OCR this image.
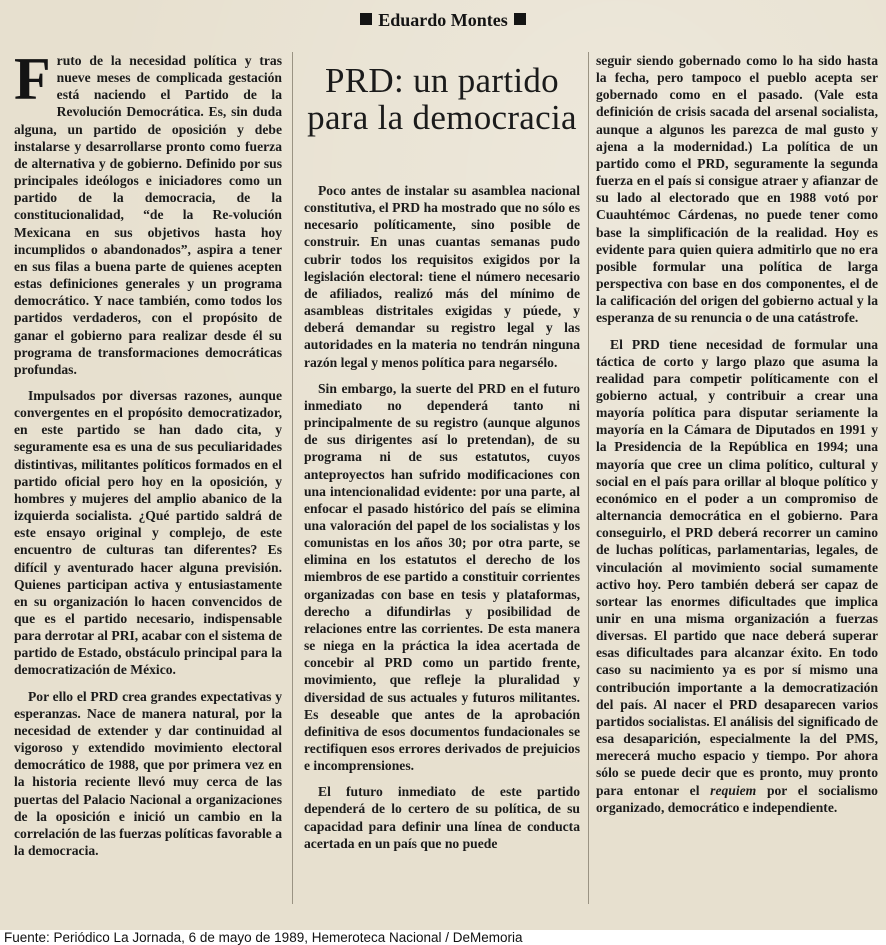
Eduardo Montes

Fruto de la necesidad política y tras nueve meses de complicada gestación está naciendo el Partido de la Revolución Democrática. Es, sin duda alguna, un partido de oposición y debe instalarse y desarrollarse pronto como fuerza de alternativa y de gobierno. Definido por sus principales ideólogos e iniciadores como un partido de la democracia, de la constitucionalidad, “de la Re-volución Mexicana en sus objetivos hasta hoy incumplidos o abandonados”, aspira a tener en sus filas a buena parte de quienes acepten estas definiciones generales y un programa democrático. Y nace también, como todos los partidos verdaderos, con el propósito de ganar el gobierno para realizar desde él su programa de transformaciones democráticas profundas.

Impulsados por diversas razones, aunque convergentes en el propósito democratizador, en este partido se han dado cita, y seguramente esa es una de sus peculiaridades distintivas, militantes políticos formados en el partido oficial pero hoy en la oposición, y hombres y mujeres del amplio abanico de la izquierda socialista. ¿Qué partido saldrá de este ensayo original y complejo, de este encuentro de culturas tan diferentes? Es difícil y aventurado hacer alguna previsión. Quienes participan activa y entusiastamente en su organización lo hacen convencidos de que es el partido necesario, indispensable para derrotar al PRI, acabar con el sistema de partido de Estado, obstáculo principal para la democratización de México.

Por ello el PRD crea grandes expectativas y esperanzas. Nace de manera natural, por la necesidad de extender y dar continuidad al vigoroso y extendido movimiento electoral democrático de 1988, que por primera vez en la historia reciente llevó muy cerca de las puertas del Palacio Nacional a organizaciones de la oposición e inició un cambio en la correlación de las fuerzas políticas favorable a la democracia.

PRD: un partido para la democracia

Poco antes de instalar su asamblea nacional constitutiva, el PRD ha mostrado que no sólo es necesario políticamente, sino posible de construir. En unas cuantas semanas pudo cubrir todos los requisitos exigidos por la legislación electoral: tiene el número necesario de afiliados, realizó más del mínimo de asambleas distritales exigidas y púede, y deberá demandar su registro legal y las autoridades en la materia no tendrán ninguna razón legal y menos política para negarsélo.

Sin embargo, la suerte del PRD en el futuro inmediato no dependerá tanto ni principalmente de su registro (aunque algunos de sus dirigentes así lo pretendan), de su programa ni de sus estatutos, cuyos anteproyectos han sufrido modificaciones con una intencionalidad evidente: por una parte, al enfocar el pasado histórico del país se elimina una valoración del papel de los socialistas y los comunistas en los años 30; por otra parte, se elimina en los estatutos el derecho de los miembros de ese partido a constituir corrientes organizadas con base en tesis y plataformas, derecho a difundirlas y posibilidad de relaciones entre las corrientes. De esta manera se niega en la práctica la idea acertada de concebir al PRD como un partido frente, movimiento, que refleje la pluralidad y diversidad de sus actuales y futuros militantes. Es deseable que antes de la aprobación definitiva de esos documentos fundacionales se rectifiquen esos errores derivados de prejuicios e incomprensiones.

El futuro inmediato de este partido dependerá de lo certero de su política, de su capacidad para definir una línea de conducta acertada en un país que no puede

seguir siendo gobernado como lo ha sido hasta la fecha, pero tampoco el pueblo acepta ser gobernado como en el pasado. (Vale esta definición de crisis sacada del arsenal socialista, aunque a algunos les parezca de mal gusto y ajena a la modernidad.) La política de un partido como el PRD, seguramente la segunda fuerza en el país si consigue atraer y afianzar de su lado al electorado que en 1988 votó por Cuauhtémoc Cárdenas, no puede tener como base la simplificación de la realidad. Hoy es evidente para quien quiera admitirlo que no era posible formular una política de larga perspectiva con base en dos componentes, el de la calificación del origen del gobierno actual y la esperanza de su renuncia o de una catástrofe.

El PRD tiene necesidad de formular una táctica de corto y largo plazo que asuma la realidad para competir políticamente con el gobierno actual, y contribuir a crear una mayoría política para disputar seriamente la mayoría en la Cámara de Diputados en 1991 y la Presidencia de la República en 1994; una mayoría que cree un clima político, cultural y social en el país para orillar al bloque político y económico en el poder a un compromiso de alternancia democrática en el gobierno. Para conseguirlo, el PRD deberá recorrer un camino de luchas políticas, parlamentarias, legales, de vinculación al movimiento social sumamente activo hoy. Pero también deberá ser capaz de sortear las enormes dificultades que implica unir en una misma organización a fuerzas diversas. El partido que nace deberá superar esas dificultades para alcanzar éxito. En todo caso su nacimiento ya es por sí mismo una contribución importante a la democratización del país. Al nacer el PRD desaparecen varios partidos socialistas. El análisis del significado de esa desaparición, especialmente la del PMS, merecerá mucho espacio y tiempo. Por ahora sólo se puede decir que es pronto, muy pronto para entonar el requiem por el socialismo organizado, democrático e independiente.

Fuente: Periódico La Jornada, 6 de mayo de 1989, Hemeroteca Nacional / DeMemoria
